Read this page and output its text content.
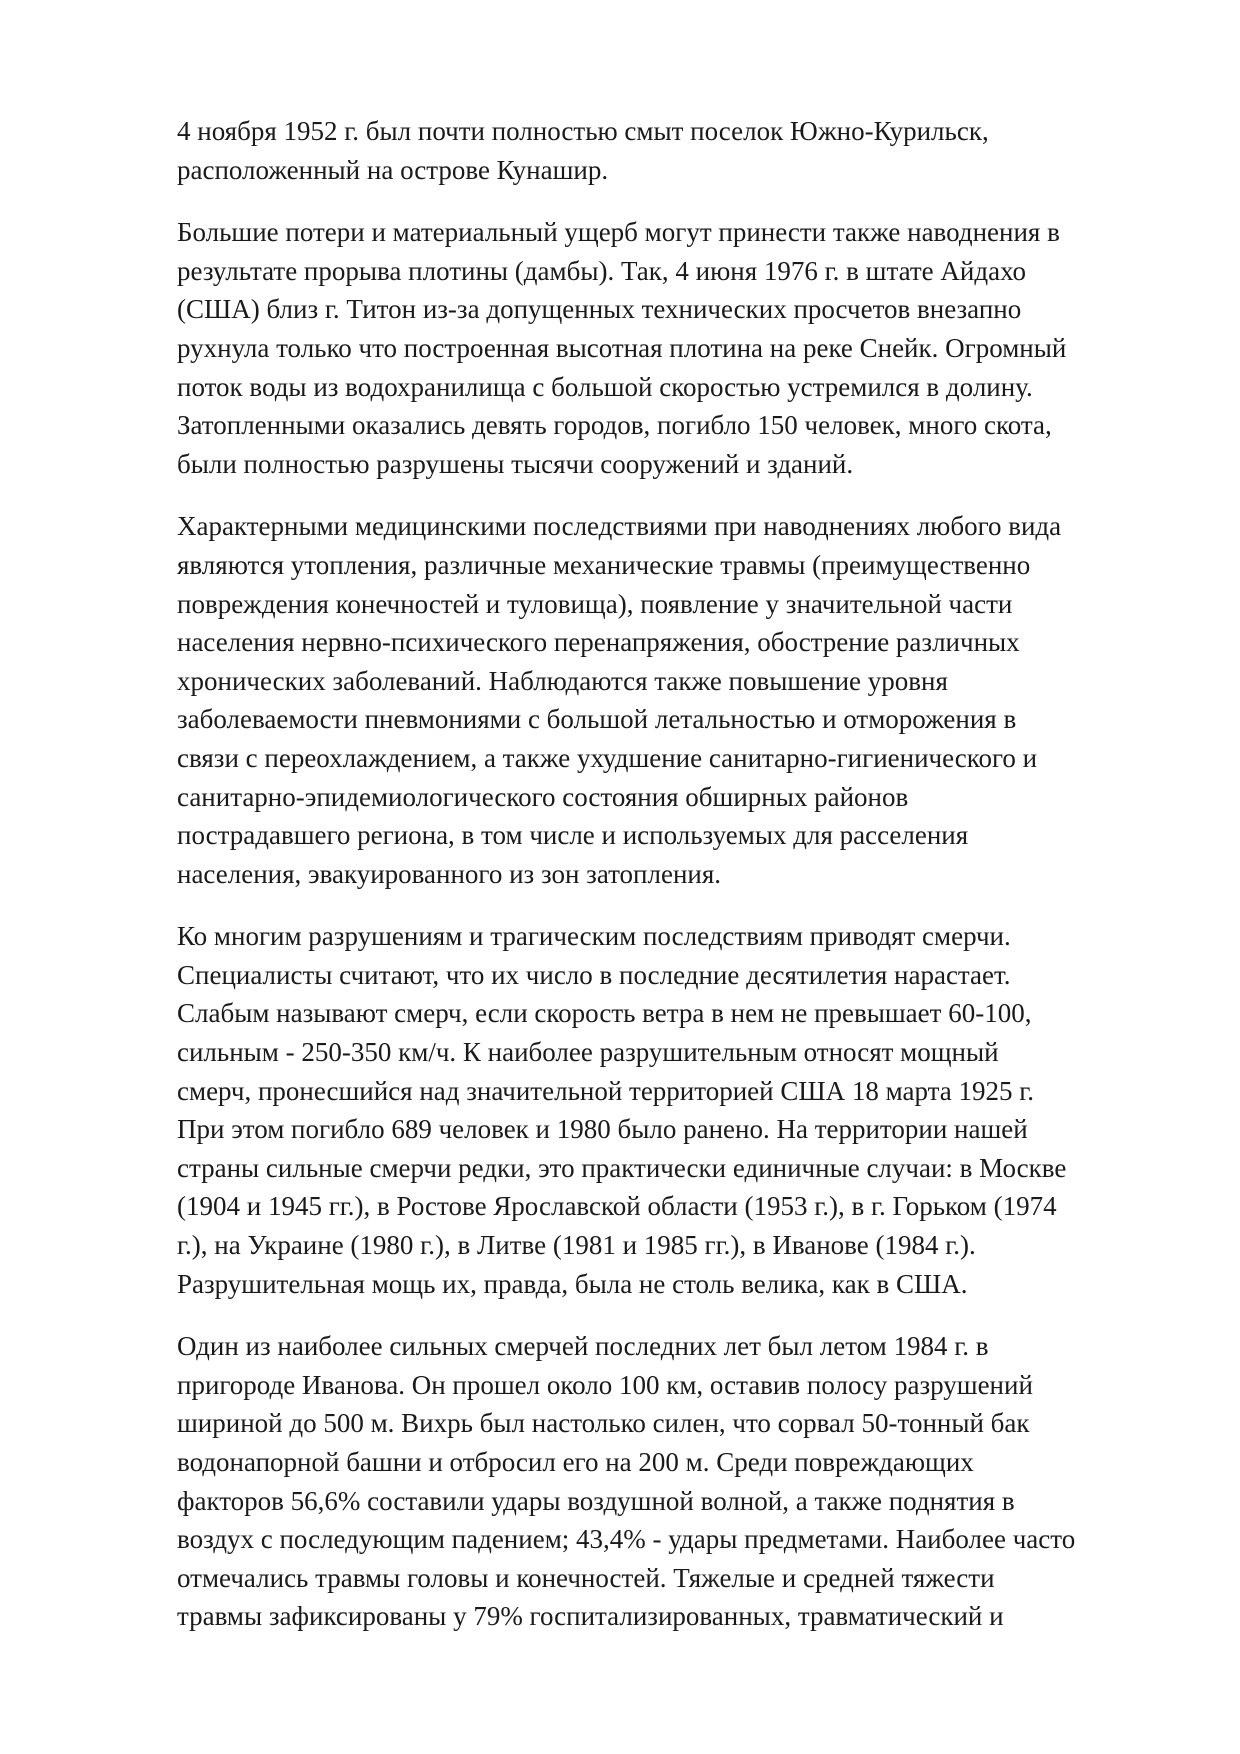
4 ноября 1952 г. был почти полностью смыт поселок Южно-Курильск,
расположенный на острове Кунашир.
Большие потери и материальный ущерб могут принести также наводнения в
результате прорыва плотины (дамбы). Так, 4 июня 1976 г. в штате Айдахо
(США) близ г. Титон из-за допущенных технических просчетов внезапно
рухнула только что построенная высотная плотина на реке Снейк. Огромный
поток воды из водохранилища с большой скоростью устремился в долину.
Затопленными оказались девять городов, погибло 150 человек, много скота,
были полностью разрушены тысячи сооружений и зданий.
Характерными медицинскими последствиями при наводнениях любого вида
являются утопления, различные механические травмы (преимущественно
повреждения конечностей и туловища), появление у значительной части
населения нервно-психического перенапряжения, обострение различных
хронических заболеваний. Наблюдаются также повышение уровня
заболеваемости пневмониями с большой летальностью и отморожения в
связи с переохлаждением, а также ухудшение санитарно-гигиенического и
санитарно-эпидемиологического состояния обширных районов
пострадавшего региона, в том числе и используемых для расселения
населения, эвакуированного из зон затопления.
Ко многим разрушениям и трагическим последствиям приводят смерчи.
Специалисты считают, что их число в последние десятилетия нарастает.
Слабым называют смерч, если скорость ветра в нем не превышает 60-100,
сильным - 250-350 км/ч. К наиболее разрушительным относят мощный
смерч, пронесшийся над значительной территорией США 18 марта 1925 г.
При этом погибло 689 человек и 1980 было ранено. На территории нашей
страны сильные смерчи редки, это практически единичные случаи: в Москве
(1904 и 1945 гг.), в Ростове Ярославской области (1953 г.), в г. Горьком (1974
г.), на Украине (1980 г.), в Литве (1981 и 1985 гг.), в Иванове (1984 г.).
Разрушительная мощь их, правда, была не столь велика, как в США.
Один из наиболее сильных смерчей последних лет был летом 1984 г. в
пригороде Иванова. Он прошел около 100 км, оставив полосу разрушений
шириной до 500 м. Вихрь был настолько силен, что сорвал 50-тонный бак
водонапорной башни и отбросил его на 200 м. Среди повреждающих
факторов 56,6% составили удары воздушной волной, а также поднятия в
воздух с последующим падением; 43,4% - удары предметами. Наиболее часто
отмечались травмы головы и конечностей. Тяжелые и средней тяжести
травмы зафиксированы у 79% госпитализированных, травматический и
